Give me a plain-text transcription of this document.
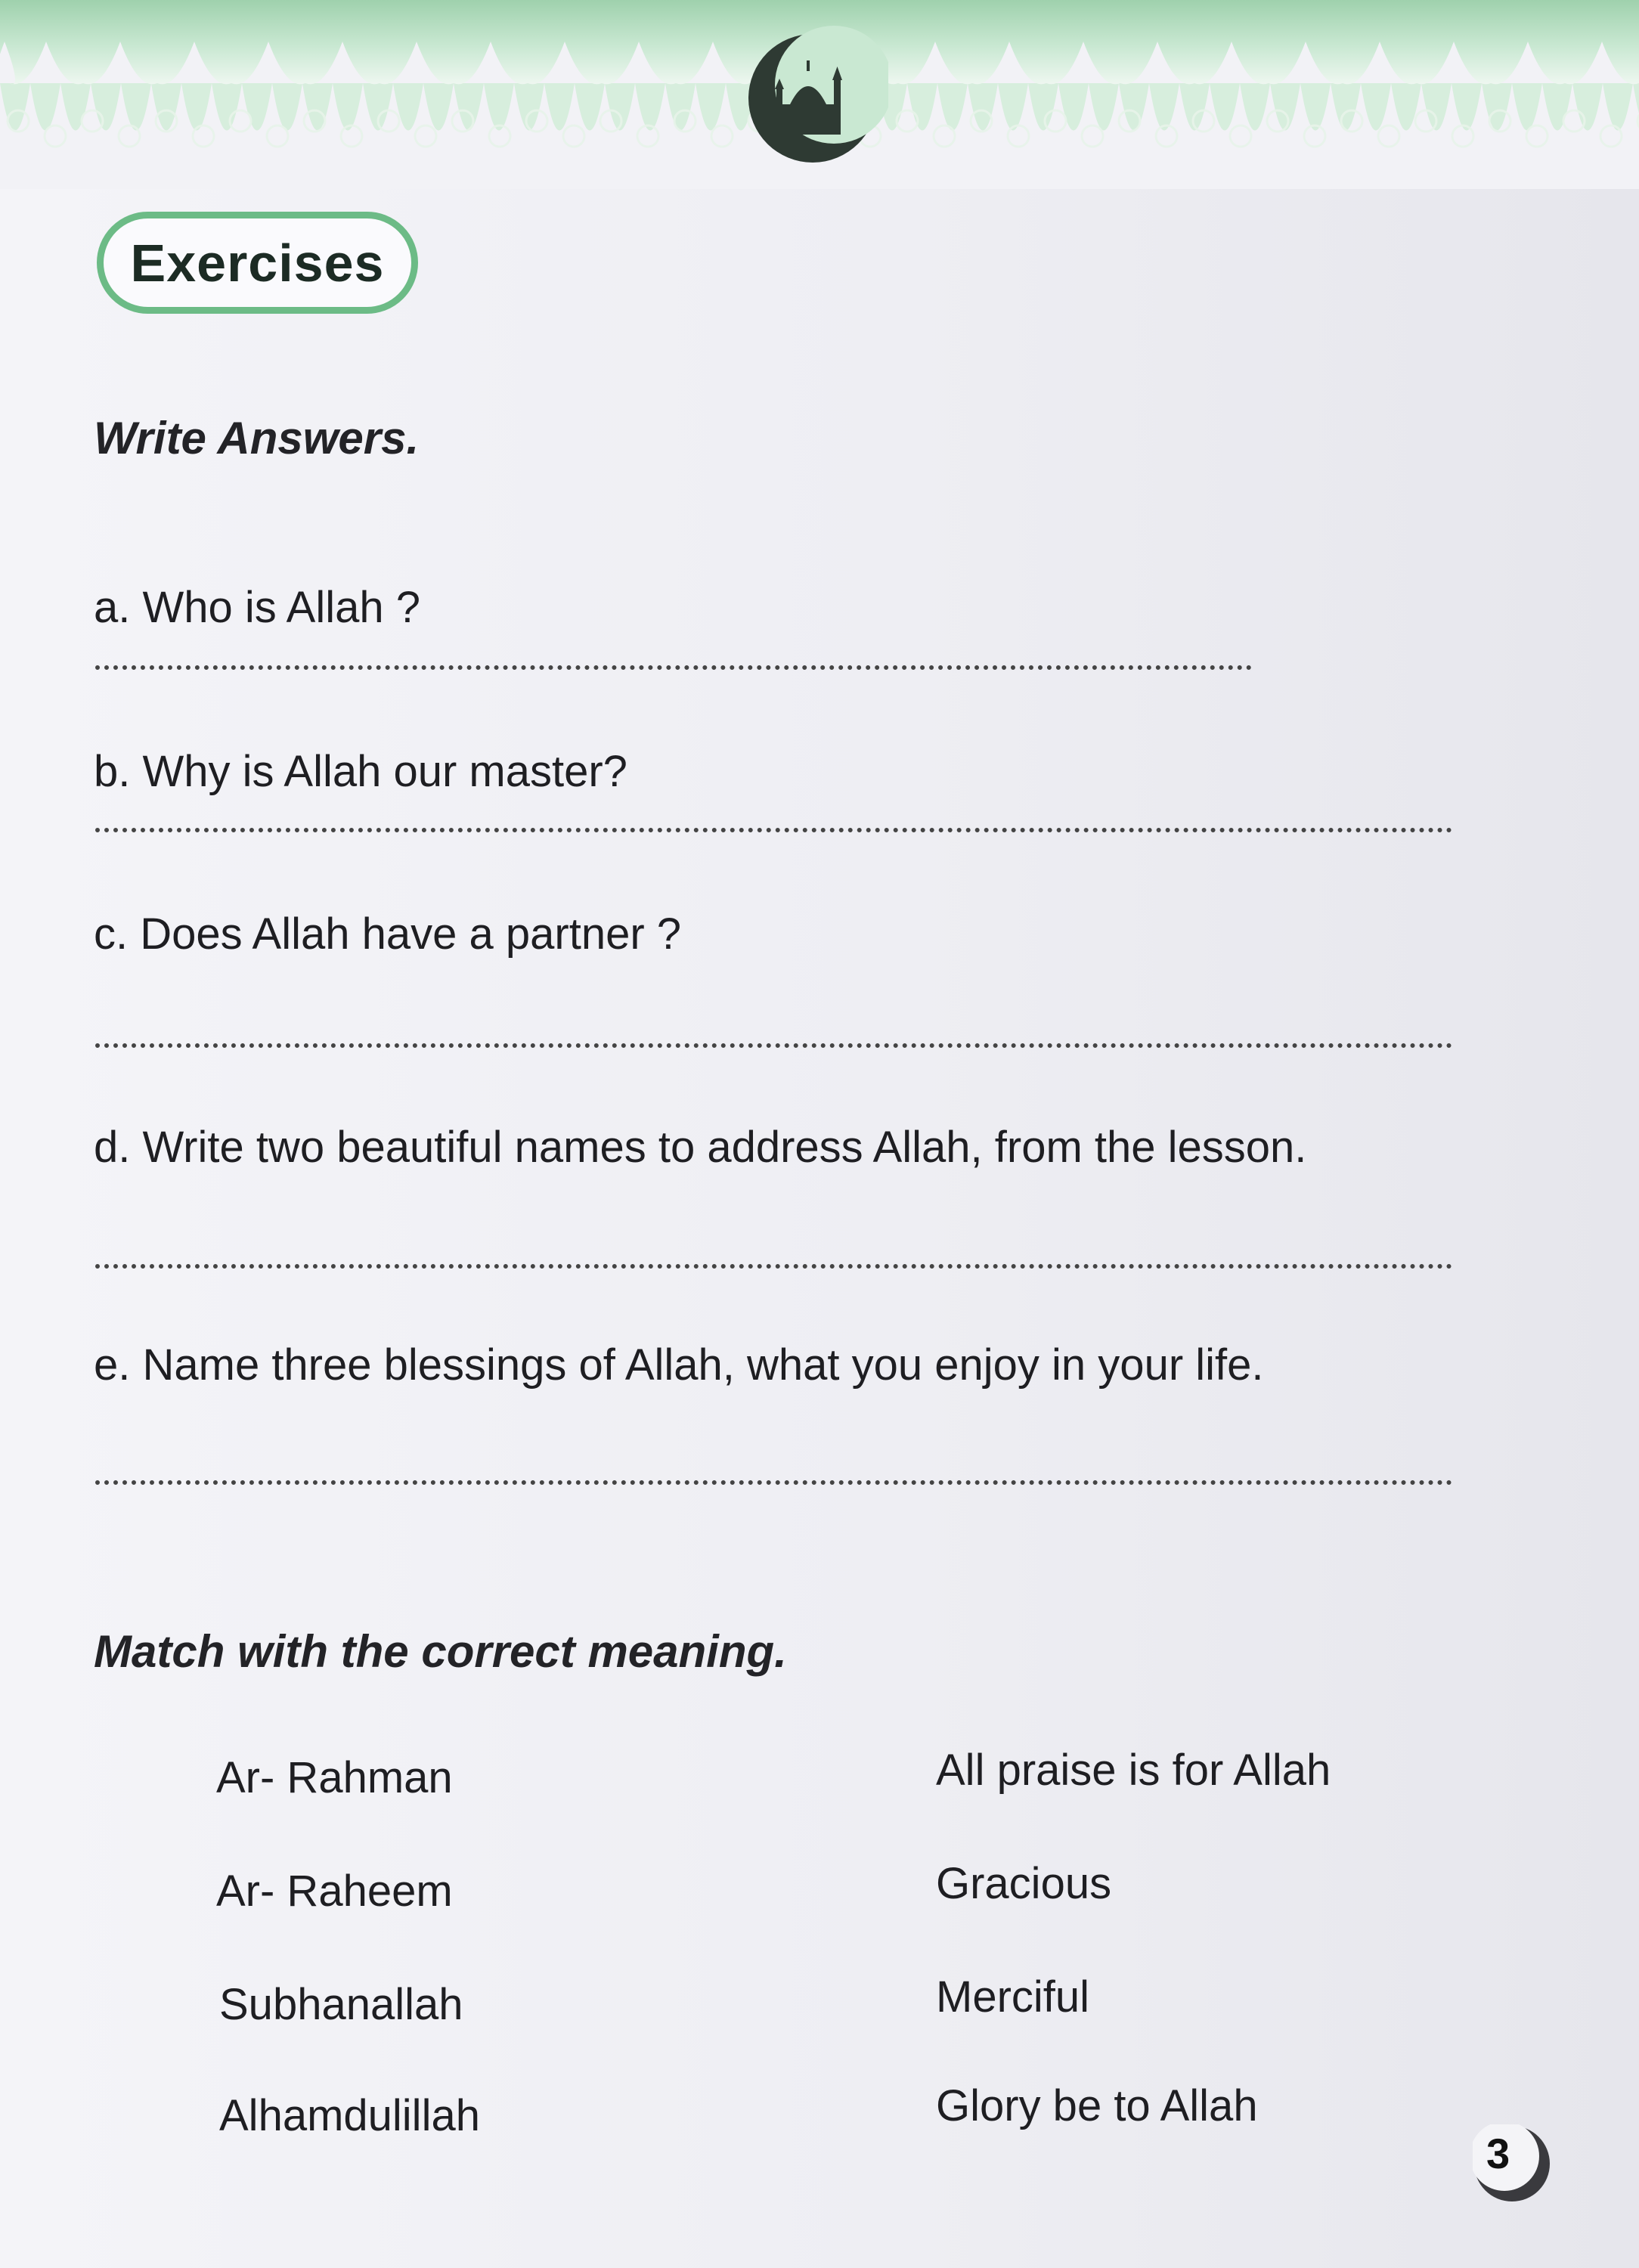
Exercises
Write Answers.
a. Who is Allah ?
b. Why is Allah our master?
c. Does Allah have a partner ?
d. Write two beautiful names to address Allah, from the lesson.
e. Name three blessings of Allah, what you enjoy in your life.
Match with the correct meaning.
Ar- Rahman
Ar- Raheem
Subhanallah
Alhamdulillah
All praise is for Allah
Gracious
Merciful
Glory be to Allah
3
